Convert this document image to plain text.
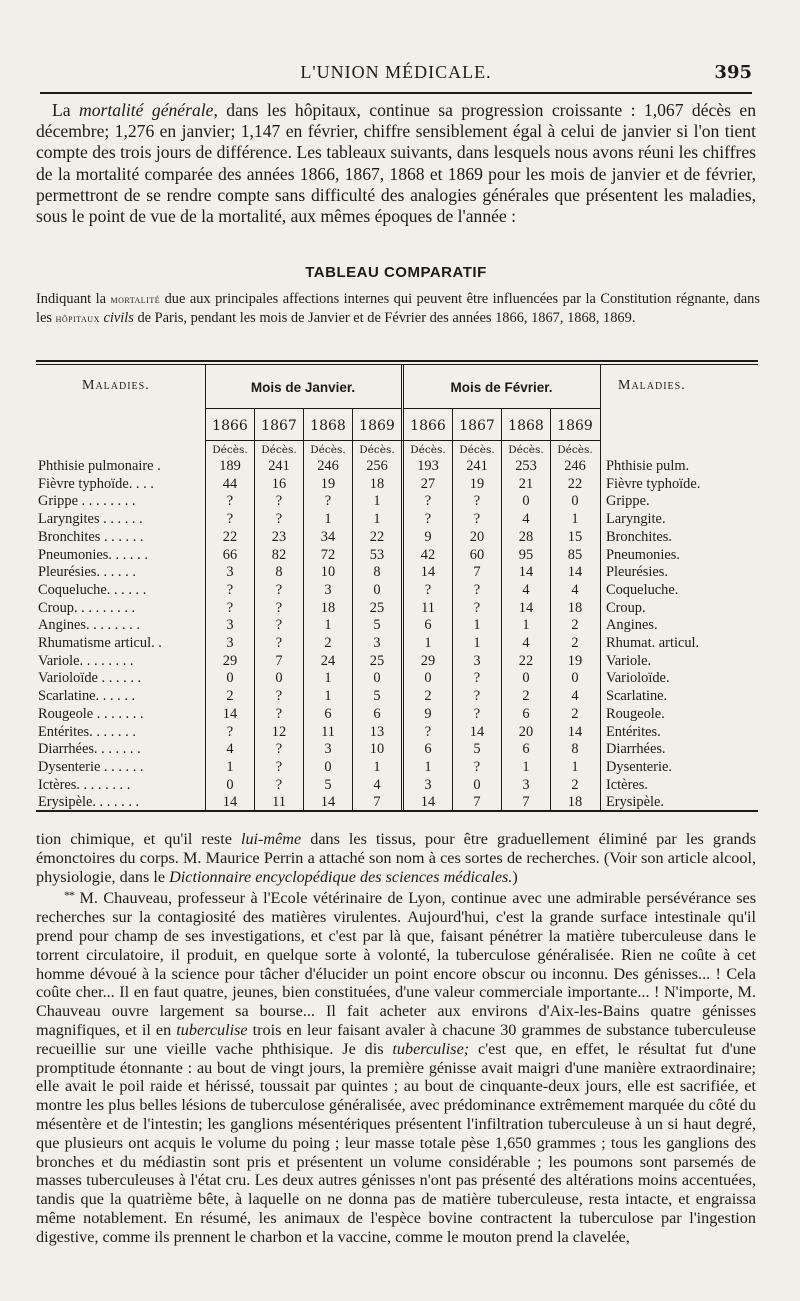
L'UNION MÉDICALE.	395

La mortalité générale, dans les hôpitaux, continue sa progression croissante : 1,067 décès en décembre; 1,276 en janvier; 1,147 en février, chiffre sensiblement égal à celui de janvier si l'on tient compte des trois jours de différence. Les tableaux suivants, dans lesquels nous avons réuni les chiffres de la mortalité comparée des années 1866, 1867, 1868 et 1869 pour les mois de janvier et de février, permettront de se rendre compte sans difficulté des analogies générales que présentent les maladies, sous le point de vue de la mortalité, aux mêmes époques de l'année :

TABLEAU COMPARATIF

Indiquant la mortalité due aux principales affections internes qui peuvent être influencées par la Constitution régnante, dans les hôpitaux civils de Paris, pendant les mois de Janvier et de Février des années 1866, 1867, 1868, 1869.

Maladies.	Maladies.
Mois de Janvier.	Mois de Février.
1866 1867 1868 1869	1866 1867 1868 1869
Décès.	Décès.	Décès.	Décès.	Décès.	Décès.	Décès.	Décès.
Phthisie pulmonaire .	189	241	246	256	193	241	253	246	Phthisie pulm.
Fièvre typhoïde. . . .	44	16	19	18	27	19	21	22	Fièvre typhoïde.
Grippe . . . . . . . .	?	?	?	1	?	?	0	0	Grippe.
Laryngites . . . . . .	?	?	1	1	?	?	4	1	Laryngite.
Bronchites . . . . . .	22	23	34	22	9	20	28	15	Bronchites.
Pneumonies. . . . . .	66	82	72	53	42	60	95	85	Pneumonies.
Pleurésies. . . . . .	3	8	10	8	14	7	14	14	Pleurésies.
Coqueluche. . . . . .	?	?	3	0	?	?	4	4	Coqueluche.
Croup. . . . . . . . .	?	?	18	25	11	?	14	18	Croup.
Angines. . . . . . . .	3	?	1	5	6	1	1	2	Angines.
Rhumatisme articul. .	3	?	2	3	1	1	4	2	Rhumat. articul.
Variole. . . . . . . .	29	7	24	25	29	3	22	19	Variole.
Varioloïde . . . . . .	0	0	1	0	0	?	0	0	Varioloïde.
Scarlatine. . . . . .	2	?	1	5	2	?	2	4	Scarlatine.
Rougeole . . . . . . .	14	?	6	6	9	?	6	2	Rougeole.
Entérites. . . . . . .	?	12	11	13	?	14	20	14	Entérites.
Diarrhées. . . . . . .	4	?	3	10	6	5	6	8	Diarrhées.
Dysenterie . . . . . .	1	?	0	1	1	?	1	1	Dysenterie.
Ictères. . . . . . . .	0	?	5	4	3	0	3	2	Ictères.
Erysipèle. . . . . . .	14	11	14	7	14	7	7	18	Erysipèle.

tion chimique, et qu'il reste lui-même dans les tissus, pour être graduellement éliminé par les grands émonctoires du corps. M. Maurice Perrin a attaché son nom à ces sortes de recherches. (Voir son article alcool, physiologie, dans le Dictionnaire encyclopédique des sciences médicales.)

** M. Chauveau, professeur à l'Ecole vétérinaire de Lyon, continue avec une admirable persévérance ses recherches sur la contagiosité des matières virulentes. Aujourd'hui, c'est la grande surface intestinale qu'il prend pour champ de ses investigations, et c'est par là que, faisant pénétrer la matière tuberculeuse dans le torrent circulatoire, il produit, en quelque sorte à volonté, la tuberculose généralisée. Rien ne coûte à cet homme dévoué à la science pour tâcher d'élucider un point encore obscur ou inconnu. Des génisses... ! Cela coûte cher... Il en faut quatre, jeunes, bien constituées, d'une valeur commerciale importante... ! N'importe, M. Chauveau ouvre largement sa bourse... Il fait acheter aux environs d'Aix-les-Bains quatre génisses magnifiques, et il en tuberculise trois en leur faisant avaler à chacune 30 grammes de substance tuberculeuse recueillie sur une vieille vache phthisique. Je dis tuberculise; c'est que, en effet, le résultat fut d'une promptitude étonnante : au bout de vingt jours, la première génisse avait maigri d'une manière extraordinaire; elle avait le poil raide et hérissé, toussait par quintes ; au bout de cinquante-deux jours, elle est sacrifiée, et montre les plus belles lésions de tuberculose généralisée, avec prédominance extrêmement marquée du côté du mésentère et de l'intestin; les ganglions mésentériques présentent l'infiltration tuberculeuse à un si haut degré, que plusieurs ont acquis le volume du poing ; leur masse totale pèse 1,650 grammes ; tous les ganglions des bronches et du médiastin sont pris et présentent un volume considérable ; les poumons sont parsemés de masses tuberculeuses à l'état cru. Les deux autres génisses n'ont pas présenté des altérations moins accentuées, tandis que la quatrième bête, à laquelle on ne donna pas de matière tuberculeuse, resta intacte, et engraissa même notablement. En résumé, les animaux de l'espèce bovine contractent la tuberculose par l'ingestion digestive, comme ils prennent le charbon et la vaccine, comme le mouton prend la clavelée,
